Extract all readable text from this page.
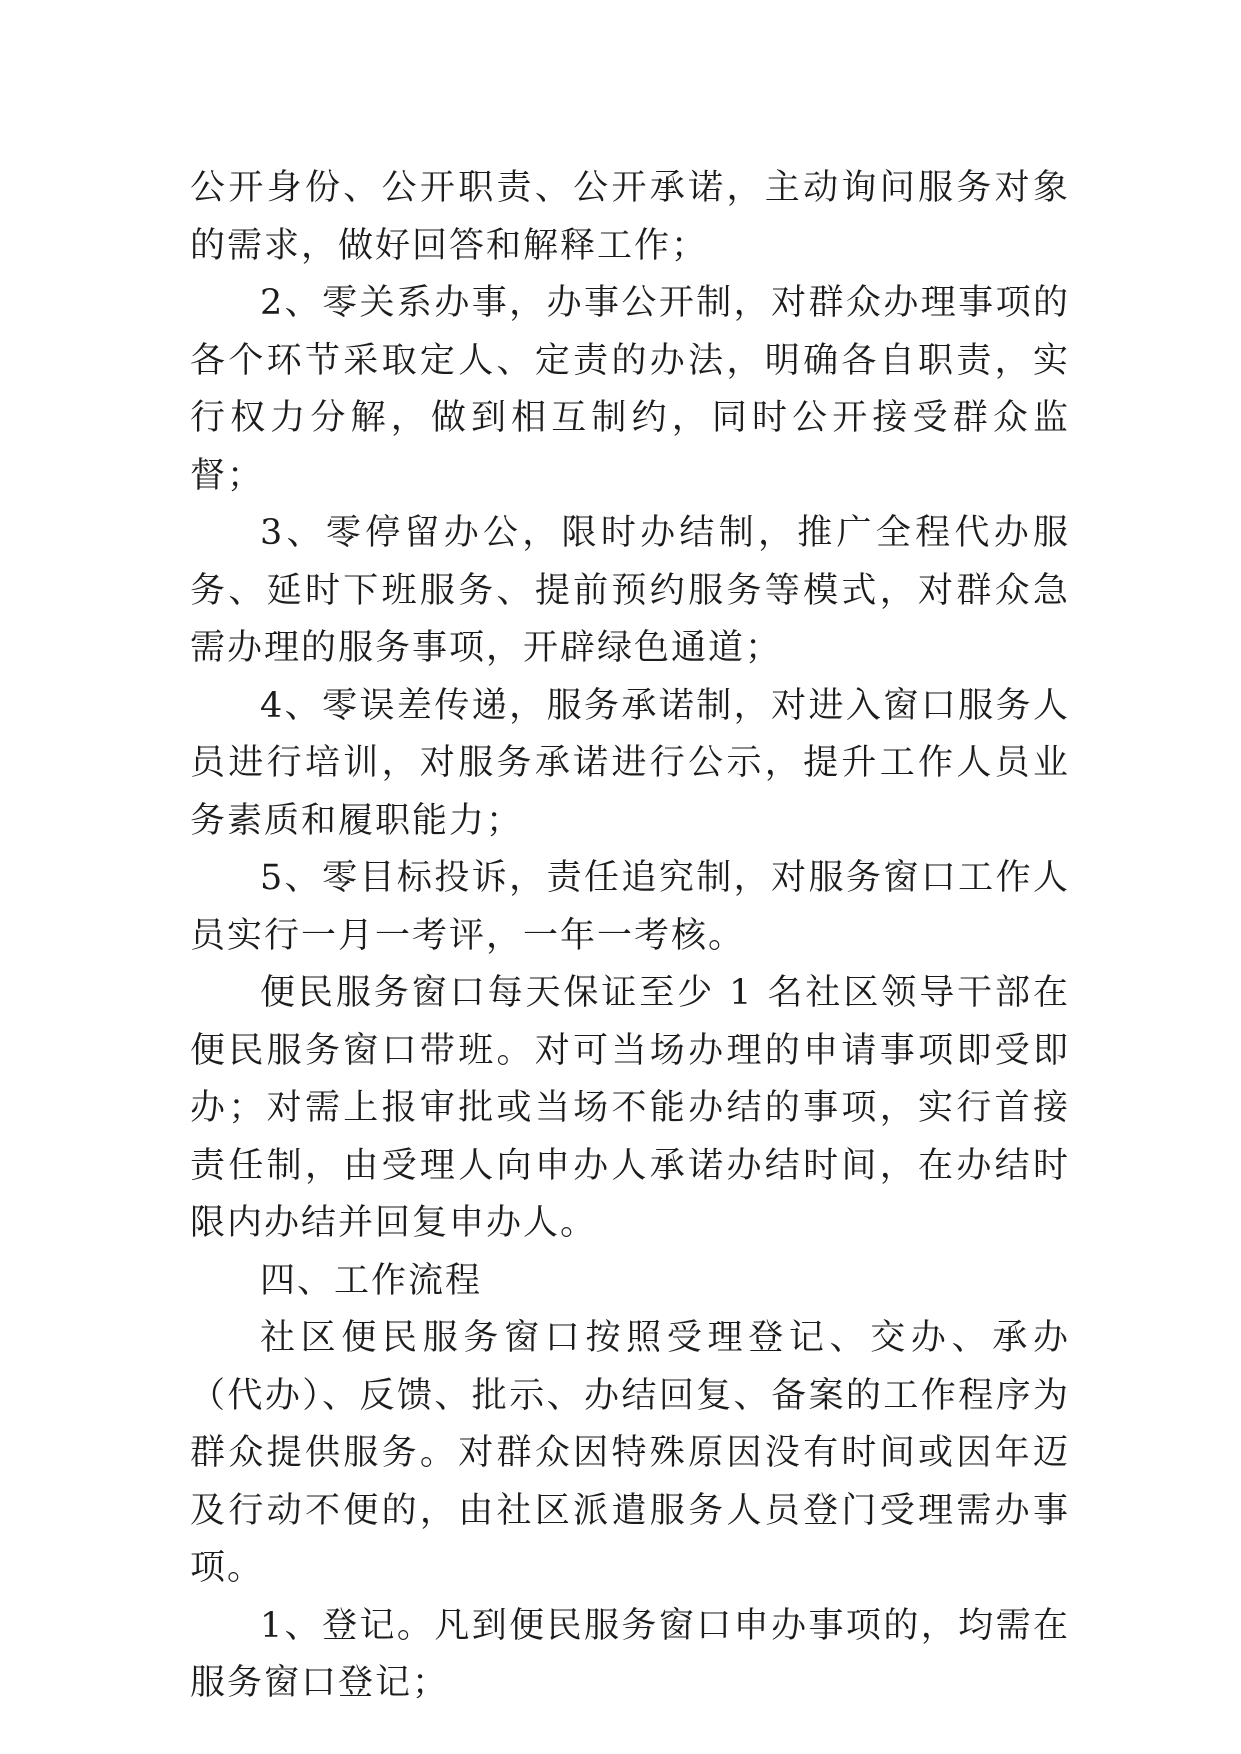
公开身份、公开职责、公开承诺，主动询问服务对象的需求，做好回答和解释工作；

2、零关系办事，办事公开制，对群众办理事项的各个环节采取定人、定责的办法，明确各自职责，实行权力分解，做到相互制约，同时公开接受群众监督；

3、零停留办公，限时办结制，推广全程代办服务、延时下班服务、提前预约服务等模式，对群众急需办理的服务事项，开辟绿色通道；

4、零误差传递，服务承诺制，对进入窗口服务人员进行培训，对服务承诺进行公示，提升工作人员业务素质和履职能力；

5、零目标投诉，责任追究制，对服务窗口工作人员实行一月一考评，一年一考核。

便民服务窗口每天保证至少 1 名社区领导干部在便民服务窗口带班。对可当场办理的申请事项即受即办；对需上报审批或当场不能办结的事项，实行首接责任制，由受理人向申办人承诺办结时间，在办结时限内办结并回复申办人。

四、工作流程

社区便民服务窗口按照受理登记、交办、承办（代办）、反馈、批示、办结回复、备案的工作程序为群众提供服务。对群众因特殊原因没有时间或因年迈及行动不便的，由社区派遣服务人员登门受理需办事项。

1、登记。凡到便民服务窗口申办事项的，均需在服务窗口登记；
